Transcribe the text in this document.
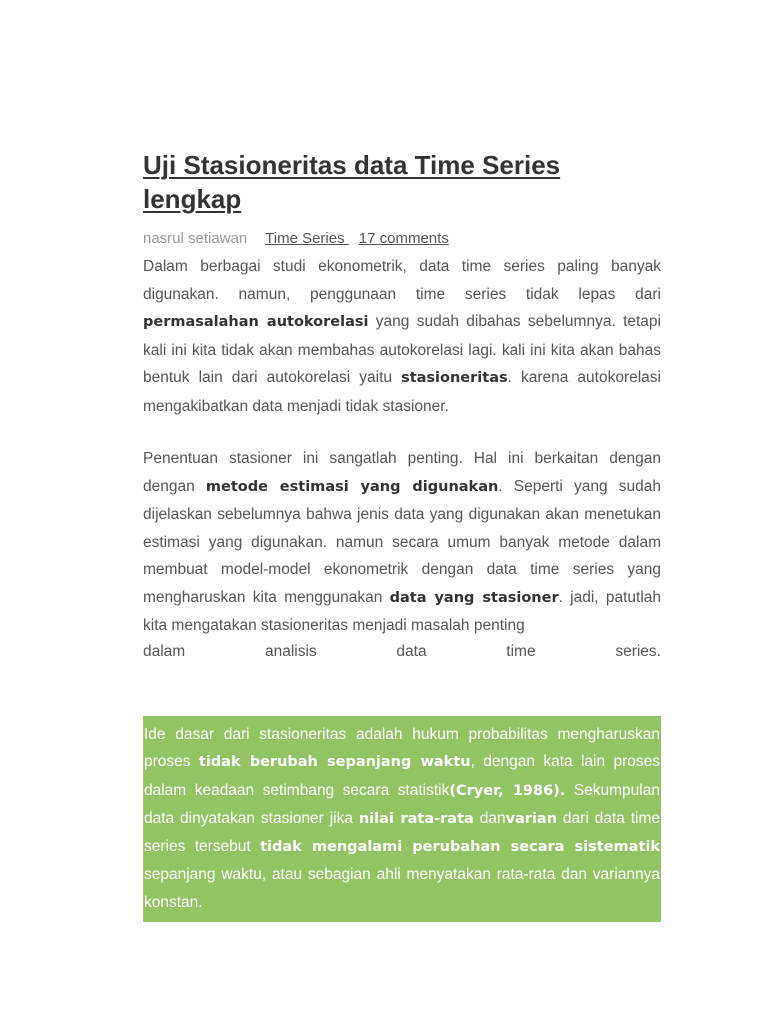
Uji Stasioneritas data Time Series lengkap
nasrul setiawan Time Series 17 comments

Dalam berbagai studi ekonometrik, data time series paling banyak digunakan. namun, penggunaan time series tidak lepas dari permasalahan autokorelasi yang sudah dibahas sebelumnya. tetapi kali ini kita tidak akan membahas autokorelasi lagi. kali ini kita akan bahas bentuk lain dari autokorelasi yaitu stasioneritas. karena autokorelasi mengakibatkan data menjadi tidak stasioner.

Penentuan stasioner ini sangatlah penting. Hal ini berkaitan dengan dengan metode estimasi yang digunakan. Seperti yang sudah dijelaskan sebelumnya bahwa jenis data yang digunakan akan menetukan estimasi yang digunakan. namun secara umum banyak metode dalam membuat model-model ekonometrik dengan data time series yang mengharuskan kita menggunakan data yang stasioner. jadi, patutlah kita mengatakan stasioneritas menjadi masalah penting

dalam	analisis	data	time	series.

Ide dasar dari stasioneritas adalah hukum probabilitas mengharuskan proses tidak berubah sepanjang waktu, dengan kata lain proses dalam keadaan setimbang secara statistik(Cryer, 1986). Sekumpulan data dinyatakan stasioner jika nilai rata-rata danvarian dari data time series tersebut tidak mengalami perubahan secara sistematik sepanjang waktu, atau sebagian ahli menyatakan rata-rata dan variannya konstan.
